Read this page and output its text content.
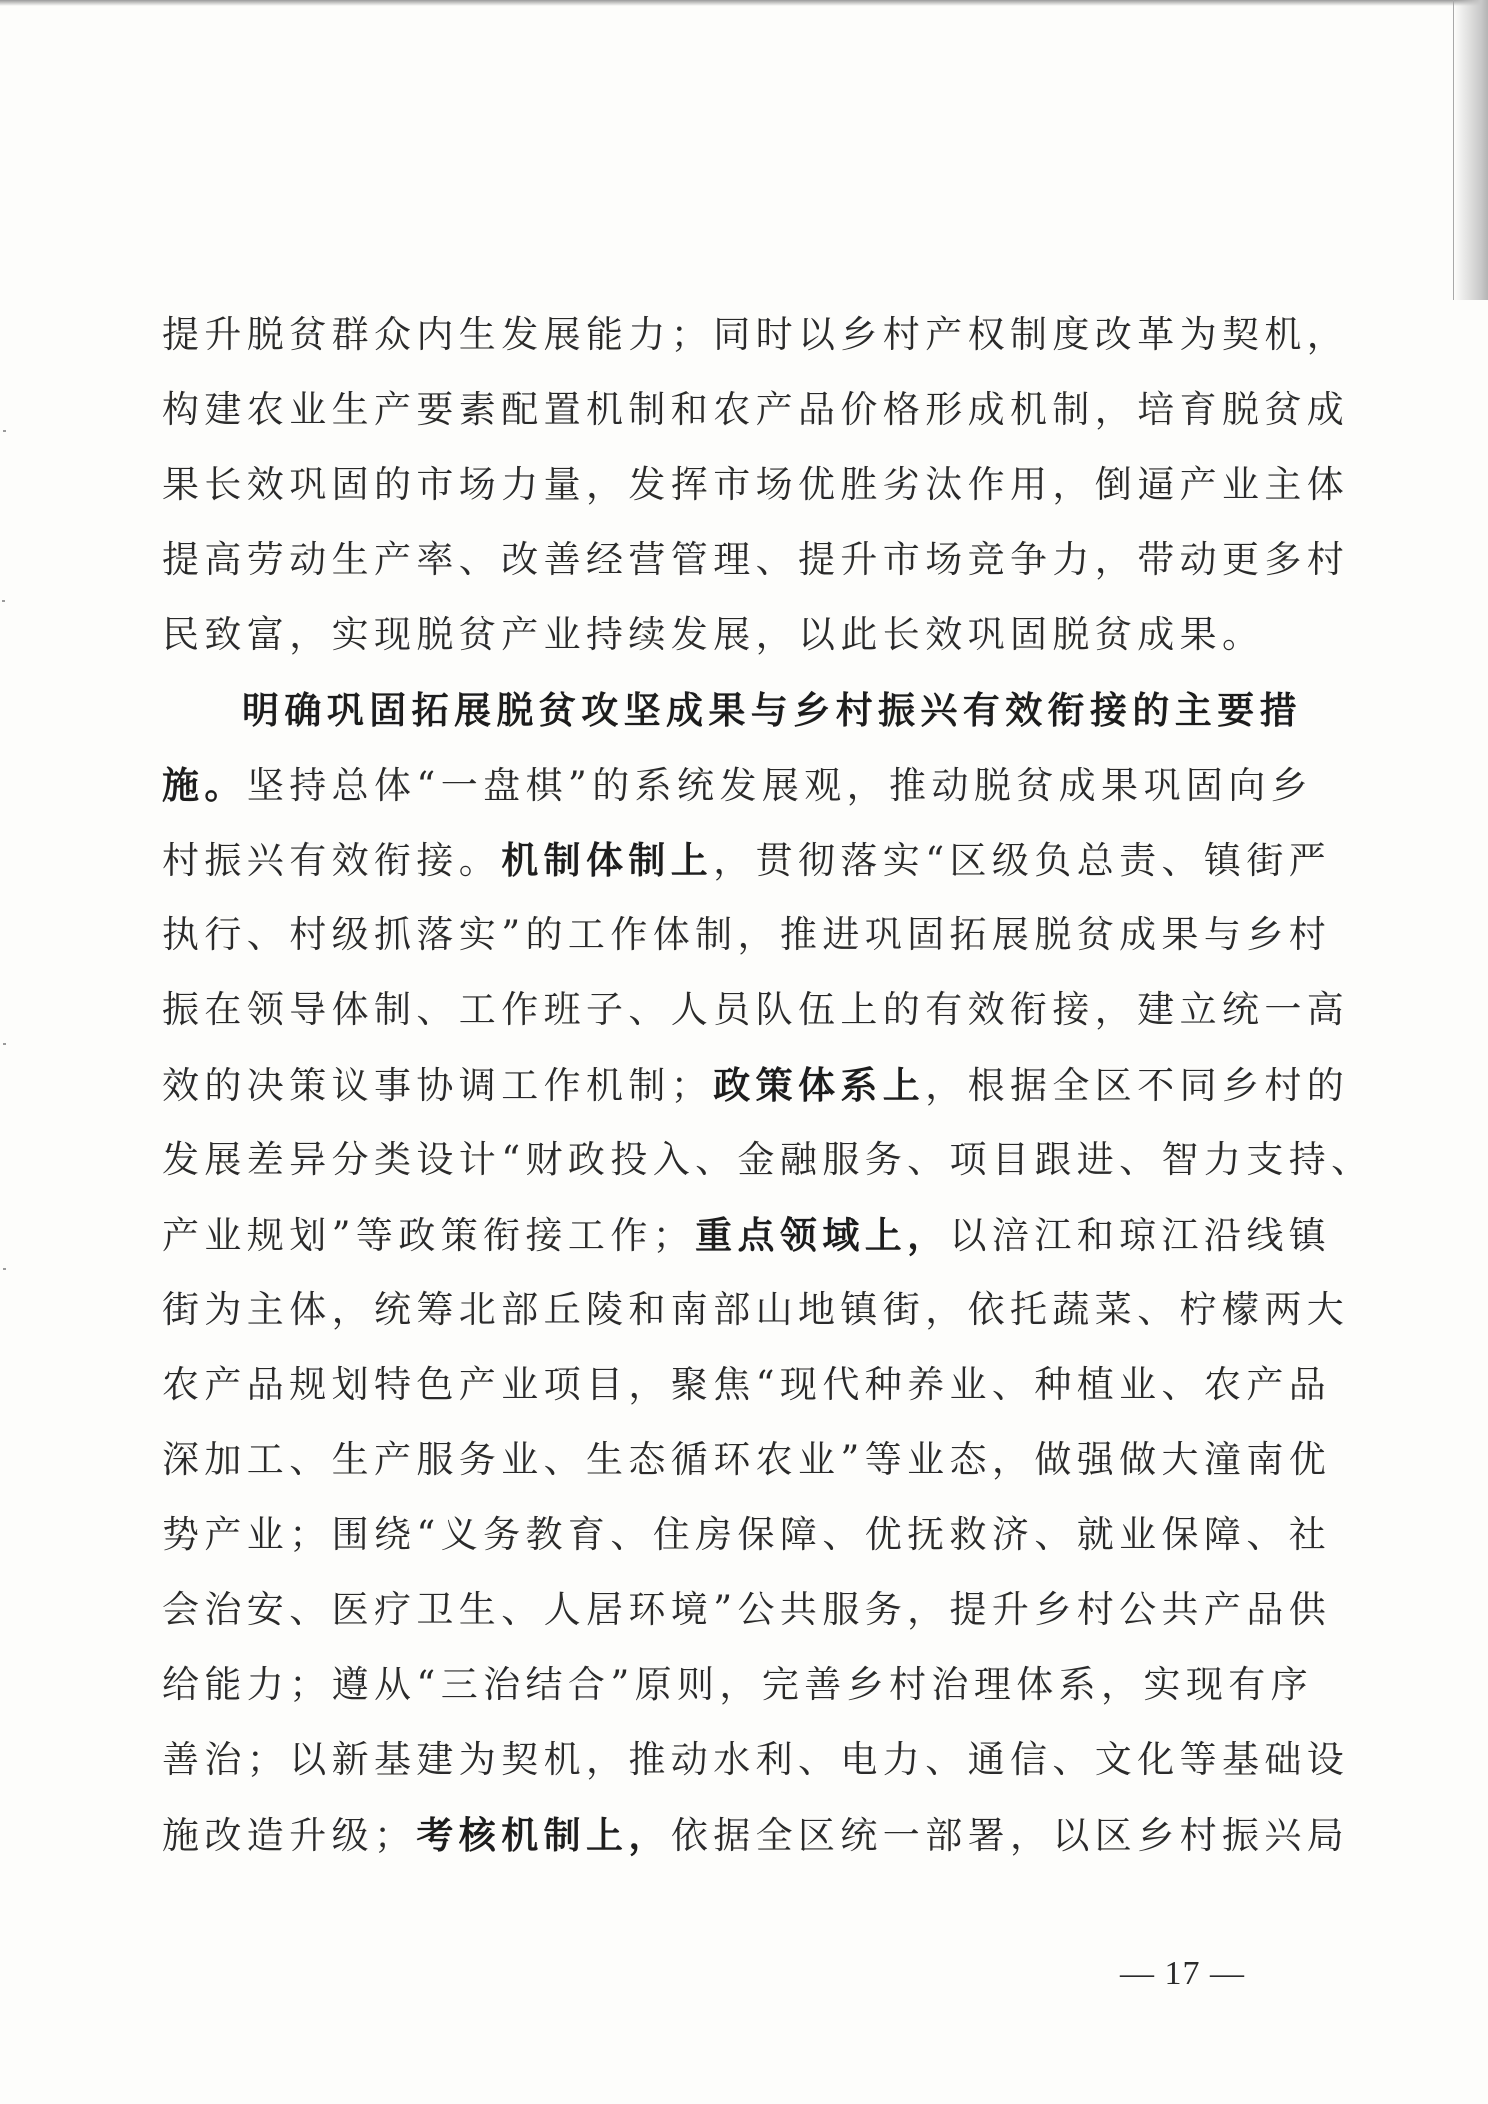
提升脱贫群众内生发展能力；同时以乡村产权制度改革为契机，
构建农业生产要素配置机制和农产品价格形成机制，培育脱贫成
果长效巩固的市场力量，发挥市场优胜劣汰作用，倒逼产业主体
提高劳动生产率、改善经营管理、提升市场竞争力，带动更多村
民致富，实现脱贫产业持续发展，以此长效巩固脱贫成果。
明确巩固拓展脱贫攻坚成果与乡村振兴有效衔接的主要措
施。坚持总体“一盘棋”的系统发展观，推动脱贫成果巩固向乡
村振兴有效衔接。机制体制上，贯彻落实“区级负总责、镇街严
执行、村级抓落实”的工作体制，推进巩固拓展脱贫成果与乡村
振在领导体制、工作班子、人员队伍上的有效衔接，建立统一高
效的决策议事协调工作机制；政策体系上，根据全区不同乡村的
发展差异分类设计“财政投入、金融服务、项目跟进、智力支持、
产业规划”等政策衔接工作；重点领域上，以涪江和琼江沿线镇
街为主体，统筹北部丘陵和南部山地镇街，依托蔬菜、柠檬两大
农产品规划特色产业项目，聚焦“现代种养业、种植业、农产品
深加工、生产服务业、生态循环农业”等业态，做强做大潼南优
势产业；围绕“义务教育、住房保障、优抚救济、就业保障、社
会治安、医疗卫生、人居环境”公共服务，提升乡村公共产品供
给能力；遵从“三治结合”原则，完善乡村治理体系，实现有序
善治；以新基建为契机，推动水利、电力、通信、文化等基础设
施改造升级；考核机制上，依据全区统一部署，以区乡村振兴局
— 17 —
